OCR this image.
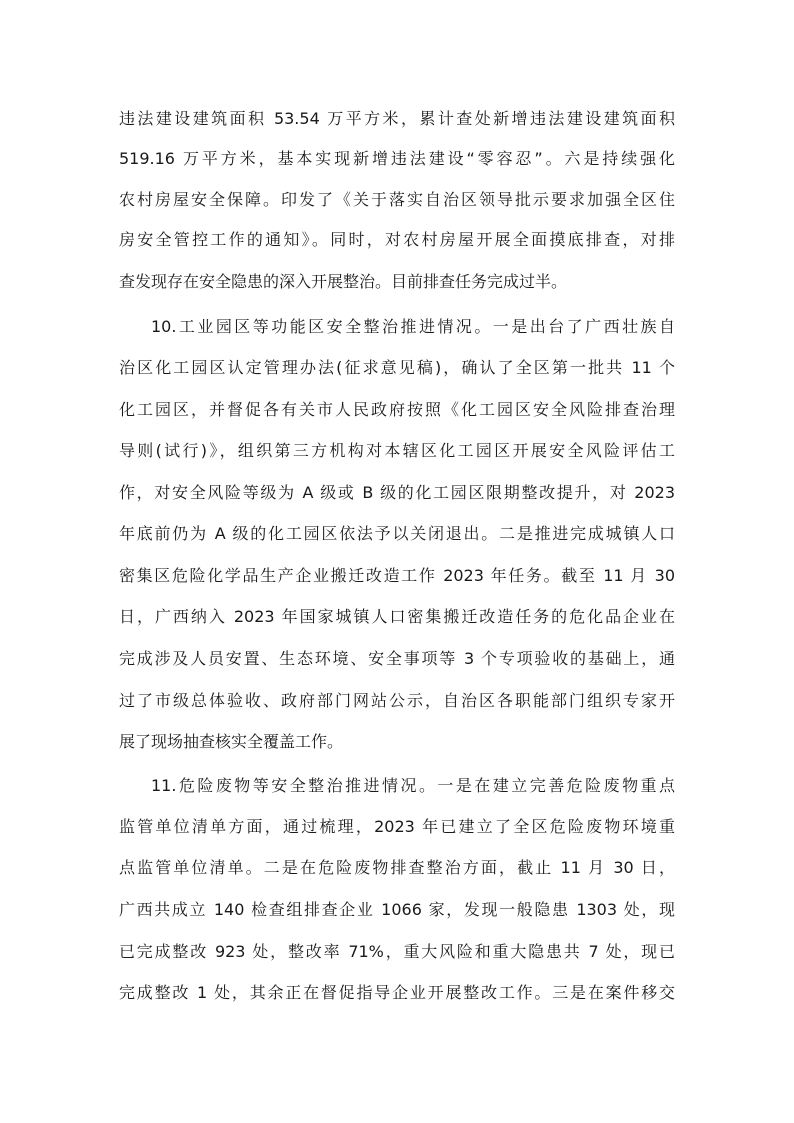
违法建设建筑面积 53.54 万平方米，累计查处新增违法建设建筑面积
519.16 万平方米，基本实现新增违法建设“零容忍”。六是持续强化
农村房屋安全保障。印发了《关于落实自治区领导批示要求加强全区住
房安全管控工作的通知》。同时，对农村房屋开展全面摸底排查，对排
查发现存在安全隐患的深入开展整治。目前排查任务完成过半。
10.工业园区等功能区安全整治推进情况。一是出台了广西壮族自
治区化工园区认定管理办法(征求意见稿)，确认了全区第一批共 11 个
化工园区，并督促各有关市人民政府按照《化工园区安全风险排查治理
导则(试行)》，组织第三方机构对本辖区化工园区开展安全风险评估工
作，对安全风险等级为 A 级或 B 级的化工园区限期整改提升，对 2023
年底前仍为 A 级的化工园区依法予以关闭退出。二是推进完成城镇人口
密集区危险化学品生产企业搬迁改造工作 2023 年任务。截至 11 月 30
日，广西纳入 2023 年国家城镇人口密集搬迁改造任务的危化品企业在
完成涉及人员安置、生态环境、安全事项等 3 个专项验收的基础上，通
过了市级总体验收、政府部门网站公示，自治区各职能部门组织专家开
展了现场抽查核实全覆盖工作。
11.危险废物等安全整治推进情况。一是在建立完善危险废物重点
监管单位清单方面，通过梳理，2023 年已建立了全区危险废物环境重
点监管单位清单。二是在危险废物排查整治方面，截止 11 月 30 日，
广西共成立 140 检查组排查企业 1066 家，发现一般隐患 1303 处，现
已完成整改 923 处，整改率 71%，重大风险和重大隐患共 7 处，现已
完成整改 1 处，其余正在督促指导企业开展整改工作。三是在案件移交
